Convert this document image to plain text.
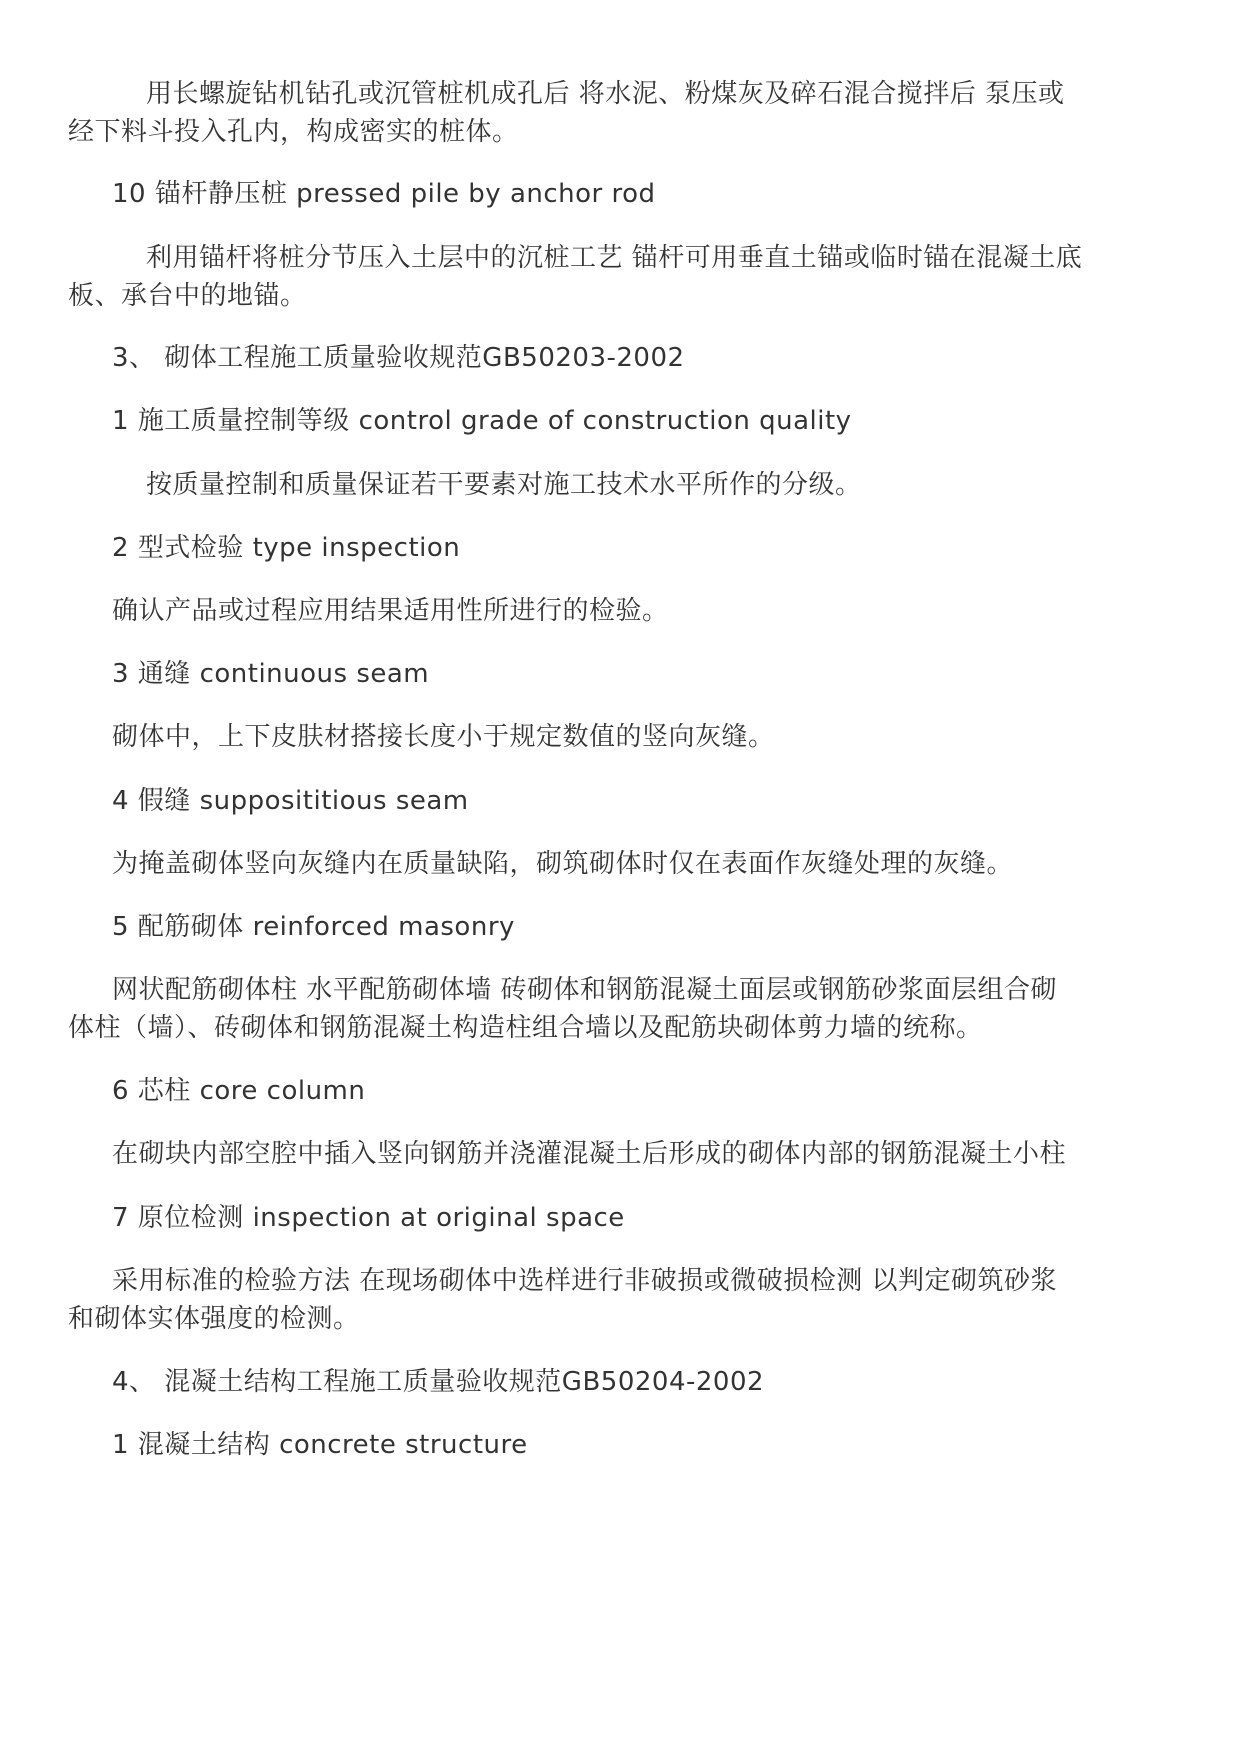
用长螺旋钻机钻孔或沉管桩机成孔后 将水泥、粉煤灰及碎石混合搅拌后 泵压或

经下料斗投入孔内，构成密实的桩体。

10 锚杆静压桩 pressed pile by anchor rod

利用锚杆将桩分节压入土层中的沉桩工艺 锚杆可用垂直土锚或临时锚在混凝土底

板、承台中的地锚。

3、 砌体工程施工质量验收规范GB50203-2002

1 施工质量控制等级 control grade of construction quality

按质量控制和质量保证若干要素对施工技术水平所作的分级。

2 型式检验 type inspection

确认产品或过程应用结果适用性所进行的检验。

3 通缝 continuous seam

砌体中，上下皮肤材搭接长度小于规定数值的竖向灰缝。

4 假缝 supposititious seam

为掩盖砌体竖向灰缝内在质量缺陷，砌筑砌体时仅在表面作灰缝处理的灰缝。

5 配筋砌体 reinforced masonry

网状配筋砌体柱 水平配筋砌体墙 砖砌体和钢筋混凝土面层或钢筋砂浆面层组合砌

体柱（墙）、砖砌体和钢筋混凝土构造柱组合墙以及配筋块砌体剪力墙的统称。

6 芯柱 core column

在砌块内部空腔中插入竖向钢筋并浇灌混凝土后形成的砌体内部的钢筋混凝土小柱

7 原位检测 inspection at original space

采用标准的检验方法 在现场砌体中选样进行非破损或微破损检测 以判定砌筑砂浆

和砌体实体强度的检测。

4、 混凝土结构工程施工质量验收规范GB50204-2002

1 混凝土结构 concrete structure
